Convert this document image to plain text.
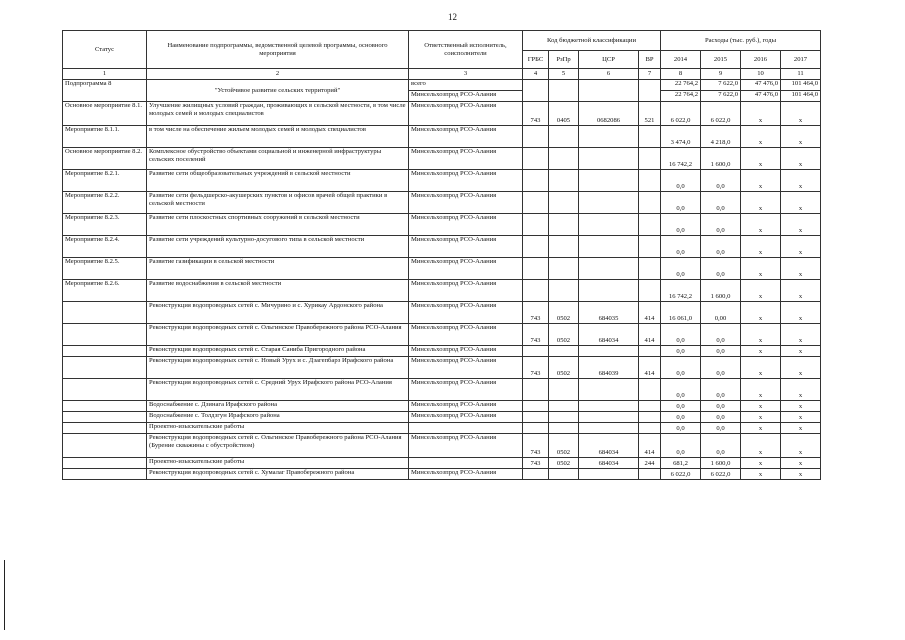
12
Статус	Наименование подпрограммы, ведомственной целевой программы, основного мероприятия	Ответственный исполнитель, соисполнители	Код бюджетной классификации				Расходы (тыс. руб.), годы			
			ГРБС	РзПр	ЦСР	ВР	2014	2015	2016	2017
1	2	3	4	5	6	7	8	9	10	11
Подпрограмма 8	"Устойчивое развитие сельских территорий"	всего					22 764,2	7 622,0	47 476,0	101 464,0
		Минсельхозпрод РСО-Алания					22 764,2	7 622,0	47 476,0	101 464,0
Основное мероприятие 8.1.	Улучшение жилищных условий граждан, проживающих в сельской местности, в том числе молодых семей и молодых специалистов	Минсельхозпрод РСО-Алания	743	0405	0682086	521	6 022,0	6 022,0	х	х
Мероприятие 8.1.1.	в том числе на обеспечение жильем молодых семей и молодых специалистов	Минсельхозпрод РСО-Алания					3 474,0	4 218,0	х	х
Основное мероприятие 8.2.	Комплексное обустройство объектами социальной и инженерной инфраструктуры сельских поселений	Минсельхозпрод РСО-Алания					16 742,2	1 600,0	х	х
Мероприятие 8.2.1.	Развитие сети общеобразовательных учреждений в сельской местности	Минсельхозпрод РСО-Алания					0,0	0,0	х	х
Мероприятие 8.2.2.	Развитие сети фельдшерско-акушерских пунктов и офисов врачей общей практики в сельской местности	Минсельхозпрод РСО-Алания					0,0	0,0	х	х
Мероприятие 8.2.3.	Развитие сети плоскостных спортивных сооружений в сельской местности	Минсельхозпрод РСО-Алания					0,0	0,0	х	х
Мероприятие 8.2.4.	Развитие сети учреждений культурно-досугового типа в сельской местности	Минсельхозпрод РСО-Алания					0,0	0,0	х	х
Мероприятие 8.2.5.	Развитие газификации в сельской местности	Минсельхозпрод РСО-Алания					0,0	0,0	х	х
Мероприятие 8.2.6.	Развитие водоснабжения в сельской местности	Минсельхозпрод РСО-Алания					16 742,2	1 600,0	х	х
	Реконструкция водопроводных сетей с. Мичурино и с. Хурикау Ардонского района	Минсельхозпрод РСО-Алания	743	0502	684035	414	16 061,0	0,00	х	х
	Реконструкция водопроводных сетей с. Ольгинское Правобережного района РСО-Алания	Минсельхозпрод РСО-Алания	743	0502	684034	414	0,0	0,0	х	х
	Реконструкция водопроводных сетей с. Старая Саниба Пригородного района	Минсельхозпрод РСО-Алания					0,0	0,0	х	х
	Реконструкция водопроводных сетей с. Новый Урух и с. Дзагепбарз Ирафского района	Минсельхозпрод РСО-Алания	743	0502	684039	414	0,0	0,0	х	х
	Реконструкция водопроводных сетей с. Средний Урух Ирафского района РСО-Алания	Минсельхозпрод РСО-Алания					0,0	0,0	х	х
	Водоснабжение с. Дзинага Ирафского района	Минсельхозпрод РСО-Алания					0,0	0,0	х	х
	Водоснабжение с. Толдзгун Ирафского района	Минсельхозпрод РСО-Алания					0,0	0,0	х	х
	Проектно-изыскательские работы						0,0	0,0	х	х
	Реконструкция водопроводных сетей с. Ольгинское Правобережного района РСО-Алания (Бурение скважины с обустройством)	Минсельхозпрод РСО-Алания	743	0502	684034	414	0,0	0,0	х	х
	Проектно-изыскательские работы		743	0502	684034	244	681,2	1 600,0	х	х
	Реконструкция водопроводных сетей с. Хумалаг Правобережного района	Минсельхозпрод РСО-Алания					6 022,0	6 022,0	х	х
